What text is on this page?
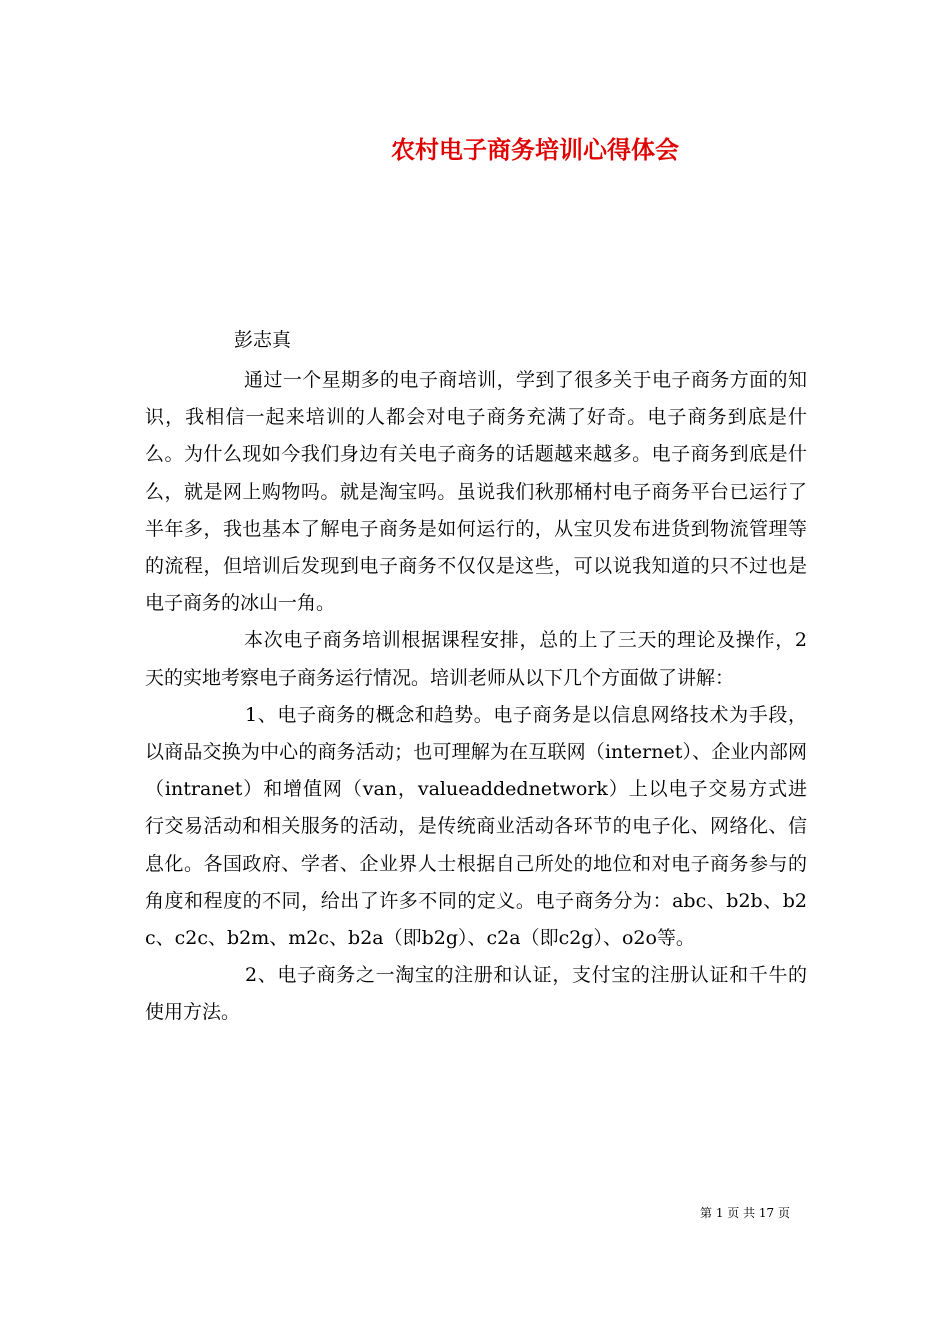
农村电子商务培训心得体会
彭志真

通过一个星期多的电子商培训，学到了很多关于电子商务方面的知识，我相信一起来培训的人都会对电子商务充满了好奇。电子商务到底是什么。为什么现如今我们身边有关电子商务的话题越来越多。电子商务到底是什么，就是网上购物吗。就是淘宝吗。虽说我们秋那桶村电子商务平台已运行了半年多，我也基本了解电子商务是如何运行的，从宝贝发布进货到物流管理等的流程，但培训后发现到电子商务不仅仅是这些，可以说我知道的只不过也是电子商务的冰山一角。

本次电子商务培训根据课程安排，总的上了三天的理论及操作，2天的实地考察电子商务运行情况。培训老师从以下几个方面做了讲解：

1、电子商务的概念和趋势。电子商务是以信息网络技术为手段，以商品交换为中心的商务活动；也可理解为在互联网（internet）、企业内部网（intranet）和增值网（van，valueaddednetwork）上以电子交易方式进行交易活动和相关服务的活动，是传统商业活动各环节的电子化、网络化、信息化。各国政府、学者、企业界人士根据自己所处的地位和对电子商务参与的角度和程度的不同，给出了许多不同的定义。电子商务分为：abc、b2b、b2c、c2c、b2m、m2c、b2a（即b2g）、c2a（即c2g）、o2o等。

2、电子商务之一淘宝的注册和认证，支付宝的注册认证和千牛的使用方法。

第 1 页 共 17 页
